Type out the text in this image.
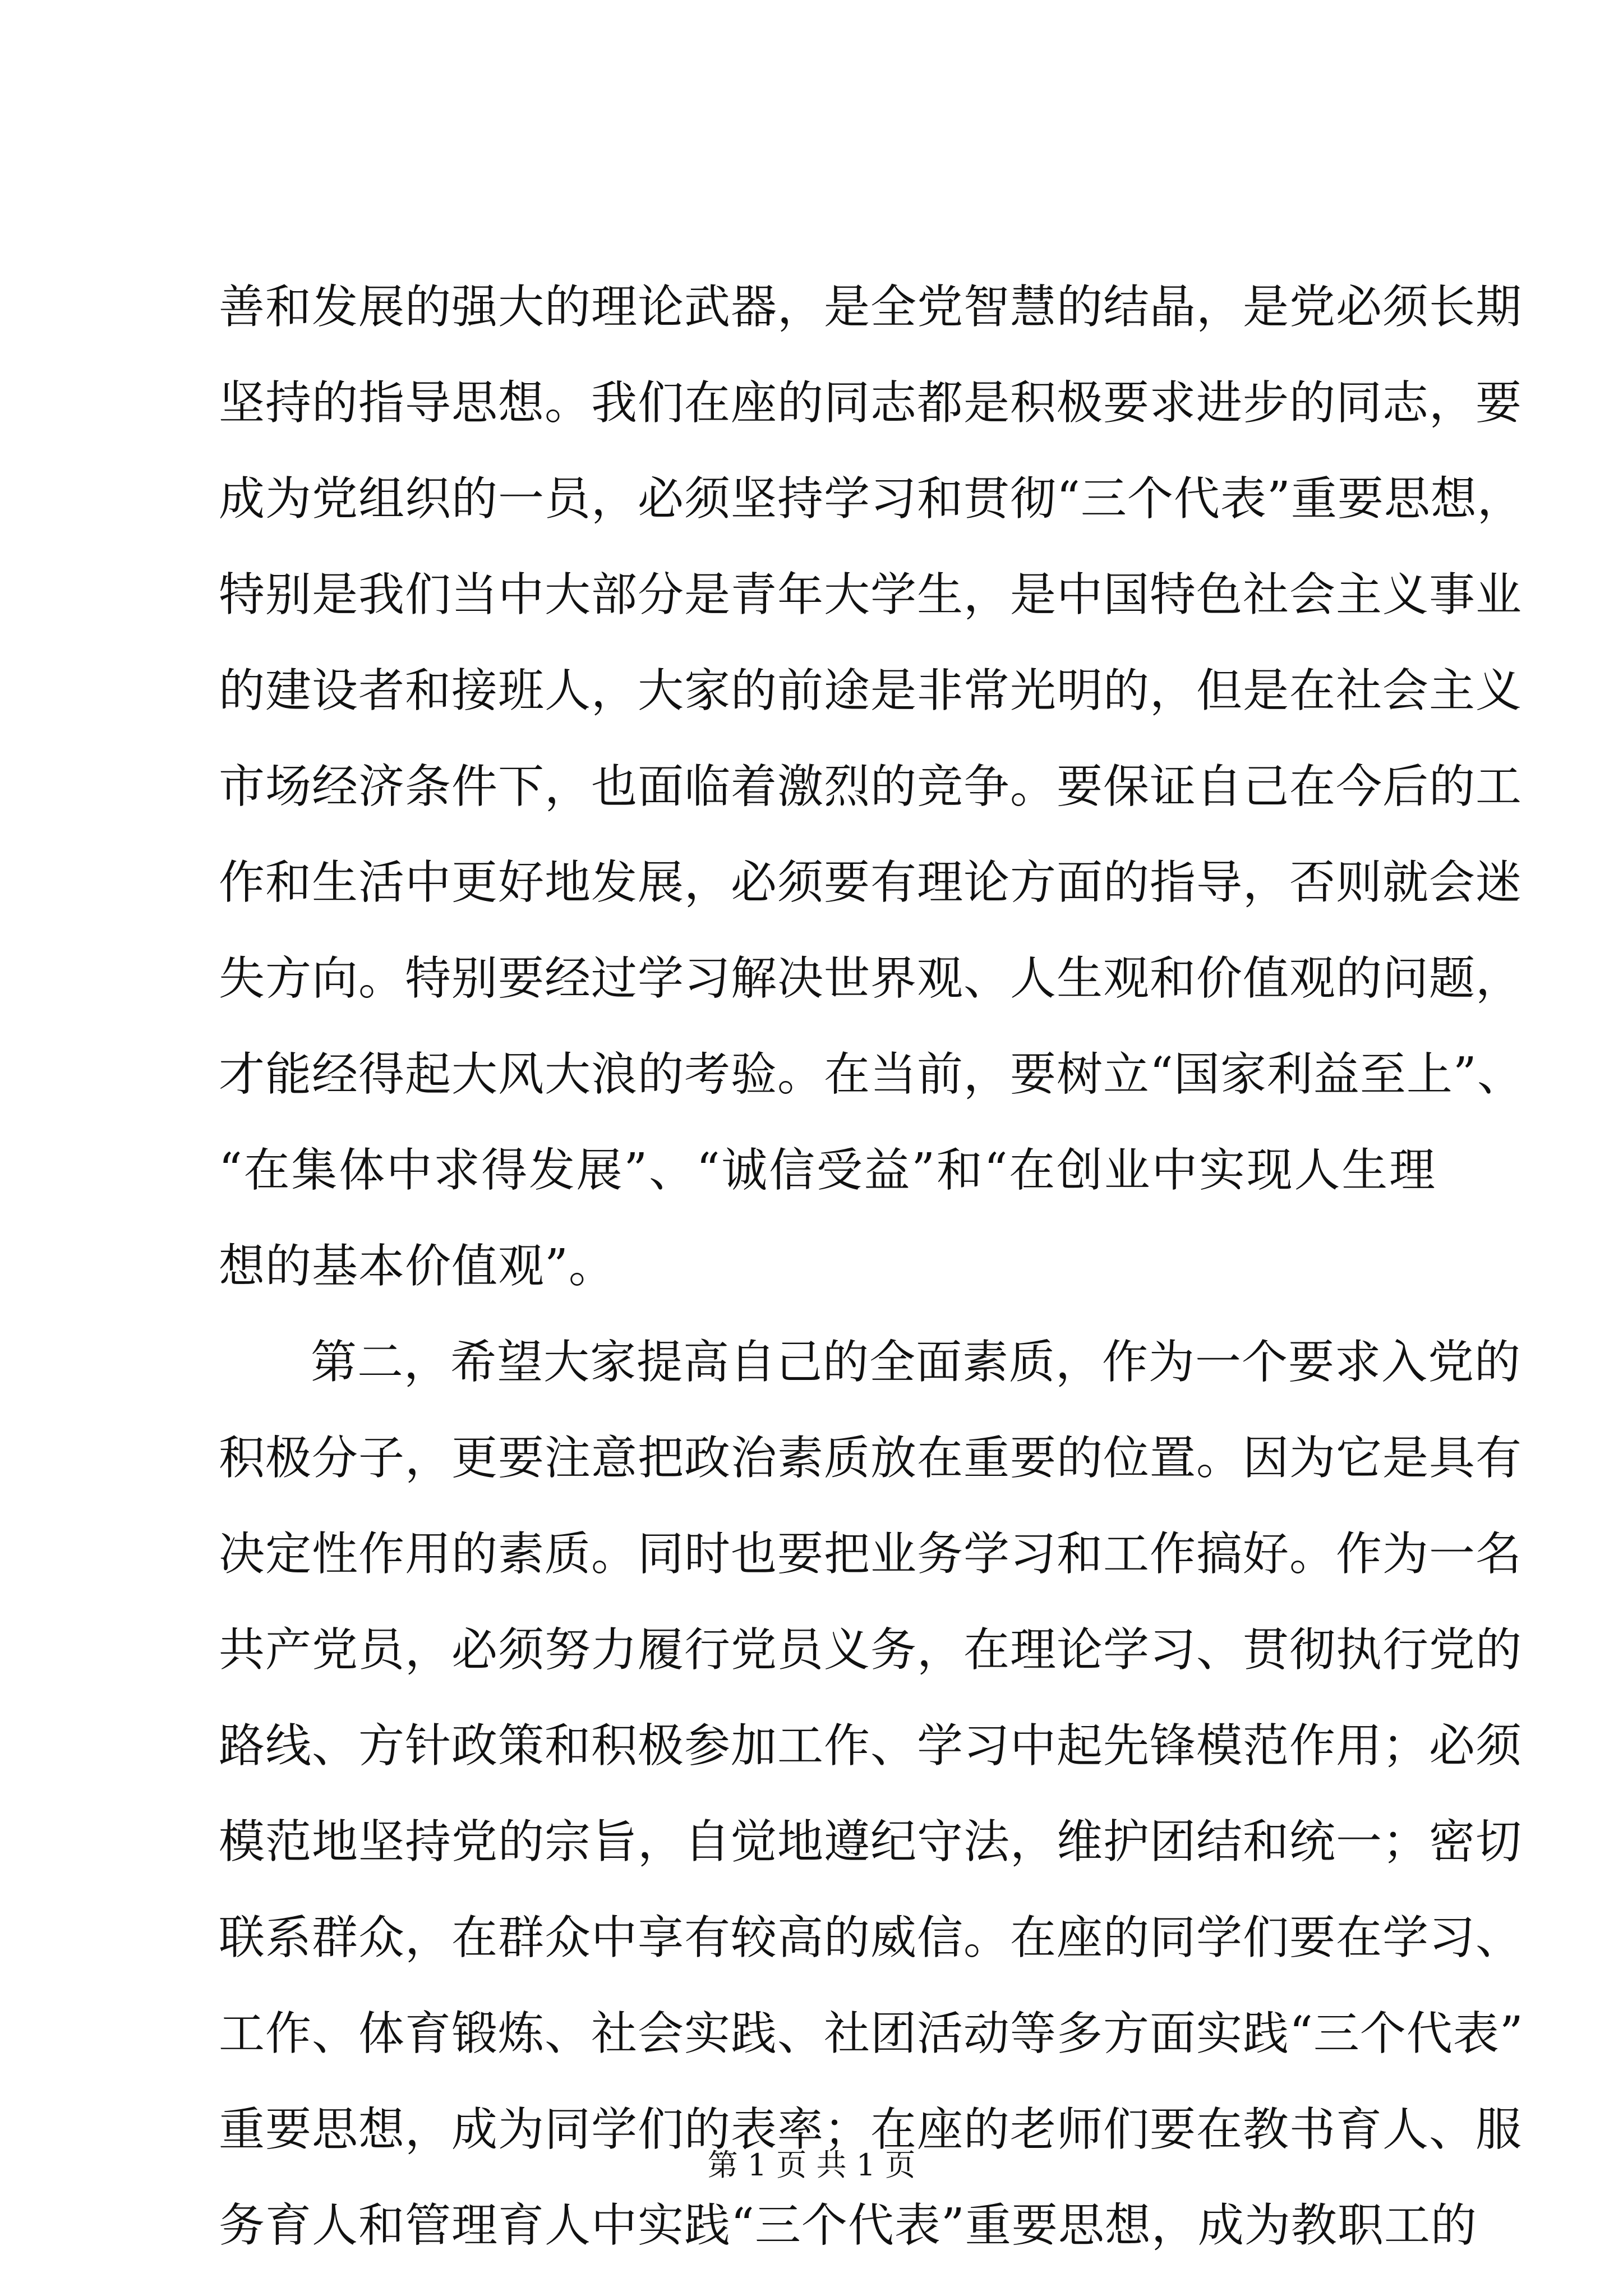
善和发展的强大的理论武器，是全党智慧的结晶，是党必须长期
坚持的指导思想。我们在座的同志都是积极要求进步的同志，要
成为党组织的一员，必须坚持学习和贯彻“三个代表”重要思想，
特别是我们当中大部分是青年大学生，是中国特色社会主义事业
的建设者和接班人，大家的前途是非常光明的，但是在社会主义
市场经济条件下，也面临着激烈的竞争。要保证自己在今后的工
作和生活中更好地发展，必须要有理论方面的指导，否则就会迷
失方向。特别要经过学习解决世界观、人生观和价值观的问题，
才能经得起大风大浪的考验。在当前，要树立“国家利益至上”、
“在集体中求得发展”、“诚信受益”和“在创业中实现人生理
想的基本价值观”。
第二，希望大家提高自己的全面素质，作为一个要求入党的
积极分子，更要注意把政治素质放在重要的位置。因为它是具有
决定性作用的素质。同时也要把业务学习和工作搞好。作为一名
共产党员，必须努力履行党员义务，在理论学习、贯彻执行党的
路线、方针政策和积极参加工作、学习中起先锋模范作用；必须
模范地坚持党的宗旨，自觉地遵纪守法，维护团结和统一；密切
联系群众，在群众中享有较高的威信。在座的同学们要在学习、
工作、体育锻炼、社会实践、社团活动等多方面实践“三个代表”
重要思想，成为同学们的表率；在座的老师们要在教书育人、服
务育人和管理育人中实践“三个代表”重要思想，成为教职工的
第 1 页 共 1 页
